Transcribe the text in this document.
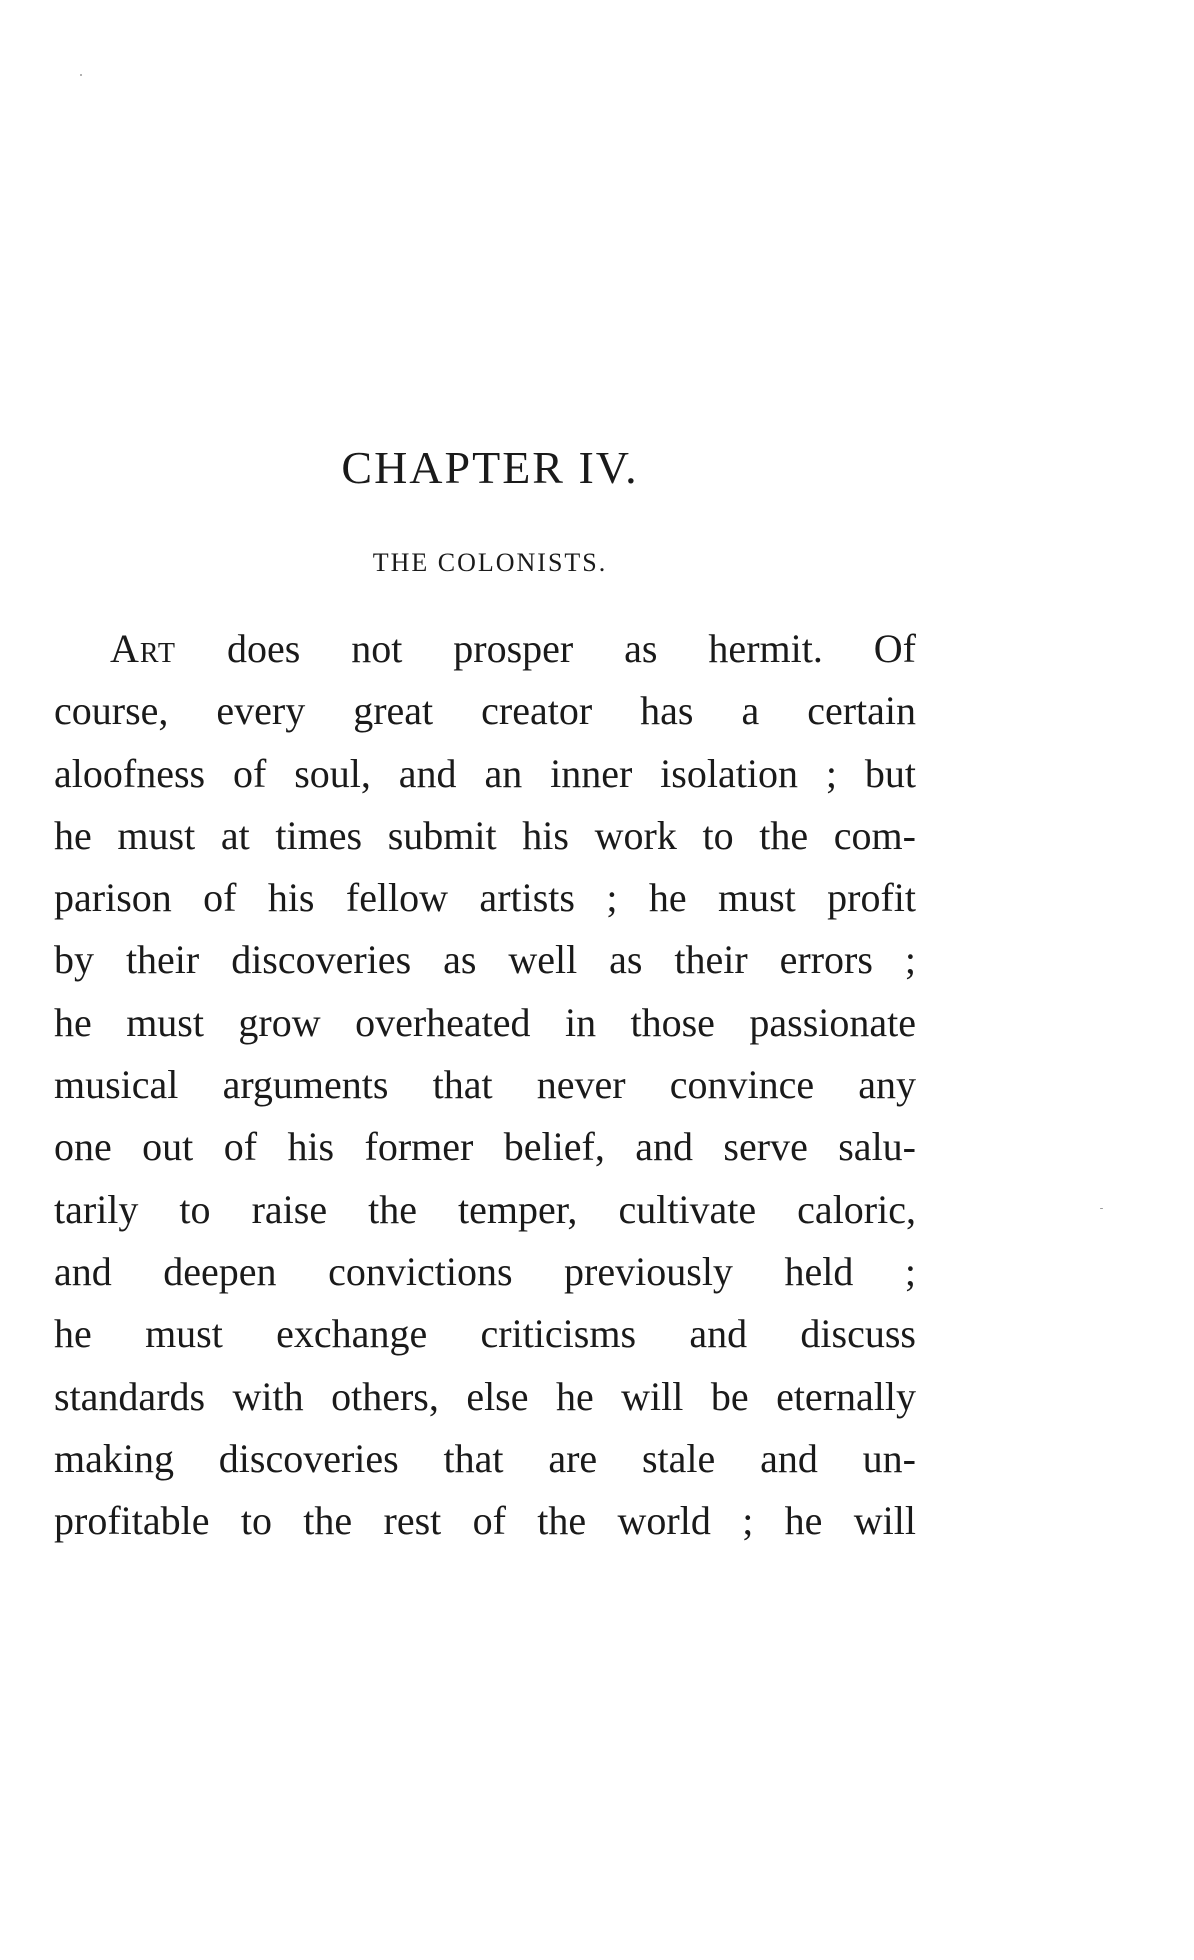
CHAPTER IV.
THE COLONISTS.
Art does not prosper as hermit. Of
course, every great creator has a certain
aloofness of soul, and an inner isolation ; but
he must at times submit his work to the com-
parison of his fellow artists ; he must profit
by their discoveries as well as their errors ;
he must grow overheated in those passionate
musical arguments that never convince any
one out of his former belief, and serve salu-
tarily to raise the temper, cultivate caloric,
and deepen convictions previously held ;
he must exchange criticisms and discuss
standards with others, else he will be eternally
making discoveries that are stale and un-
profitable to the rest of the world ; he will
